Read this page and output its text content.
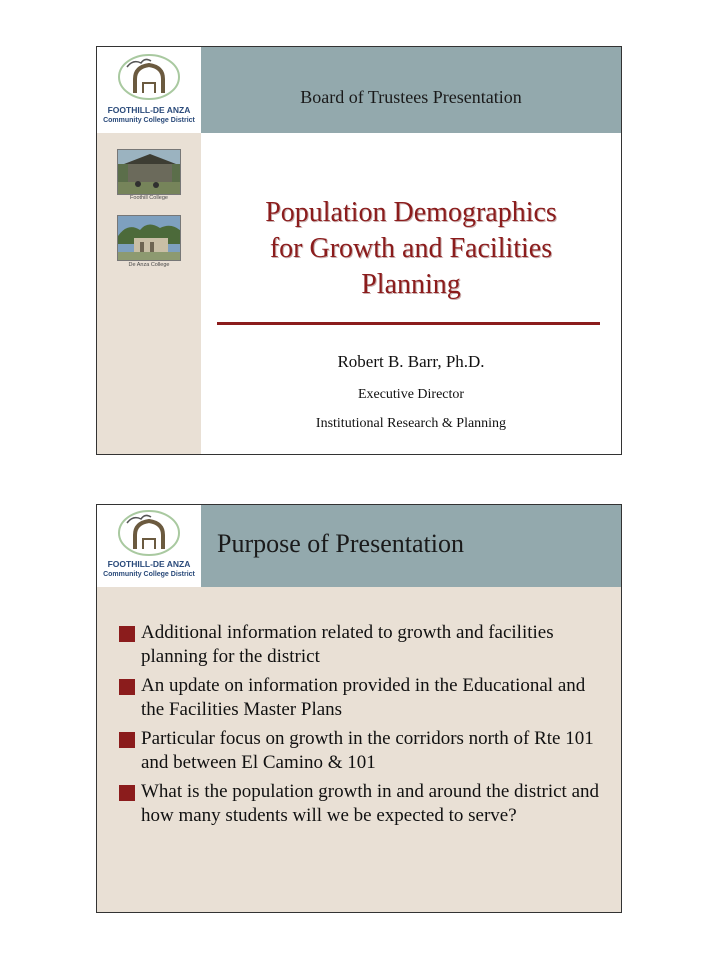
FOOTHILL-DE ANZA
Community College District
Foothill College
De Anza College
Board of Trustees Presentation
Population Demographics
for Growth and Facilities
Planning
Robert B. Barr, Ph.D.
Executive Director
Institutional Research & Planning
FOOTHILL-DE ANZA
Community College District
Purpose of Presentation
Additional information related to growth and facilities planning for the district
An update on information provided in the Educational and the Facilities Master Plans
Particular focus on growth in the corridors north of Rte 101 and between El Camino & 101
What is the population growth in and around the district and how many students will we be expected to serve?
